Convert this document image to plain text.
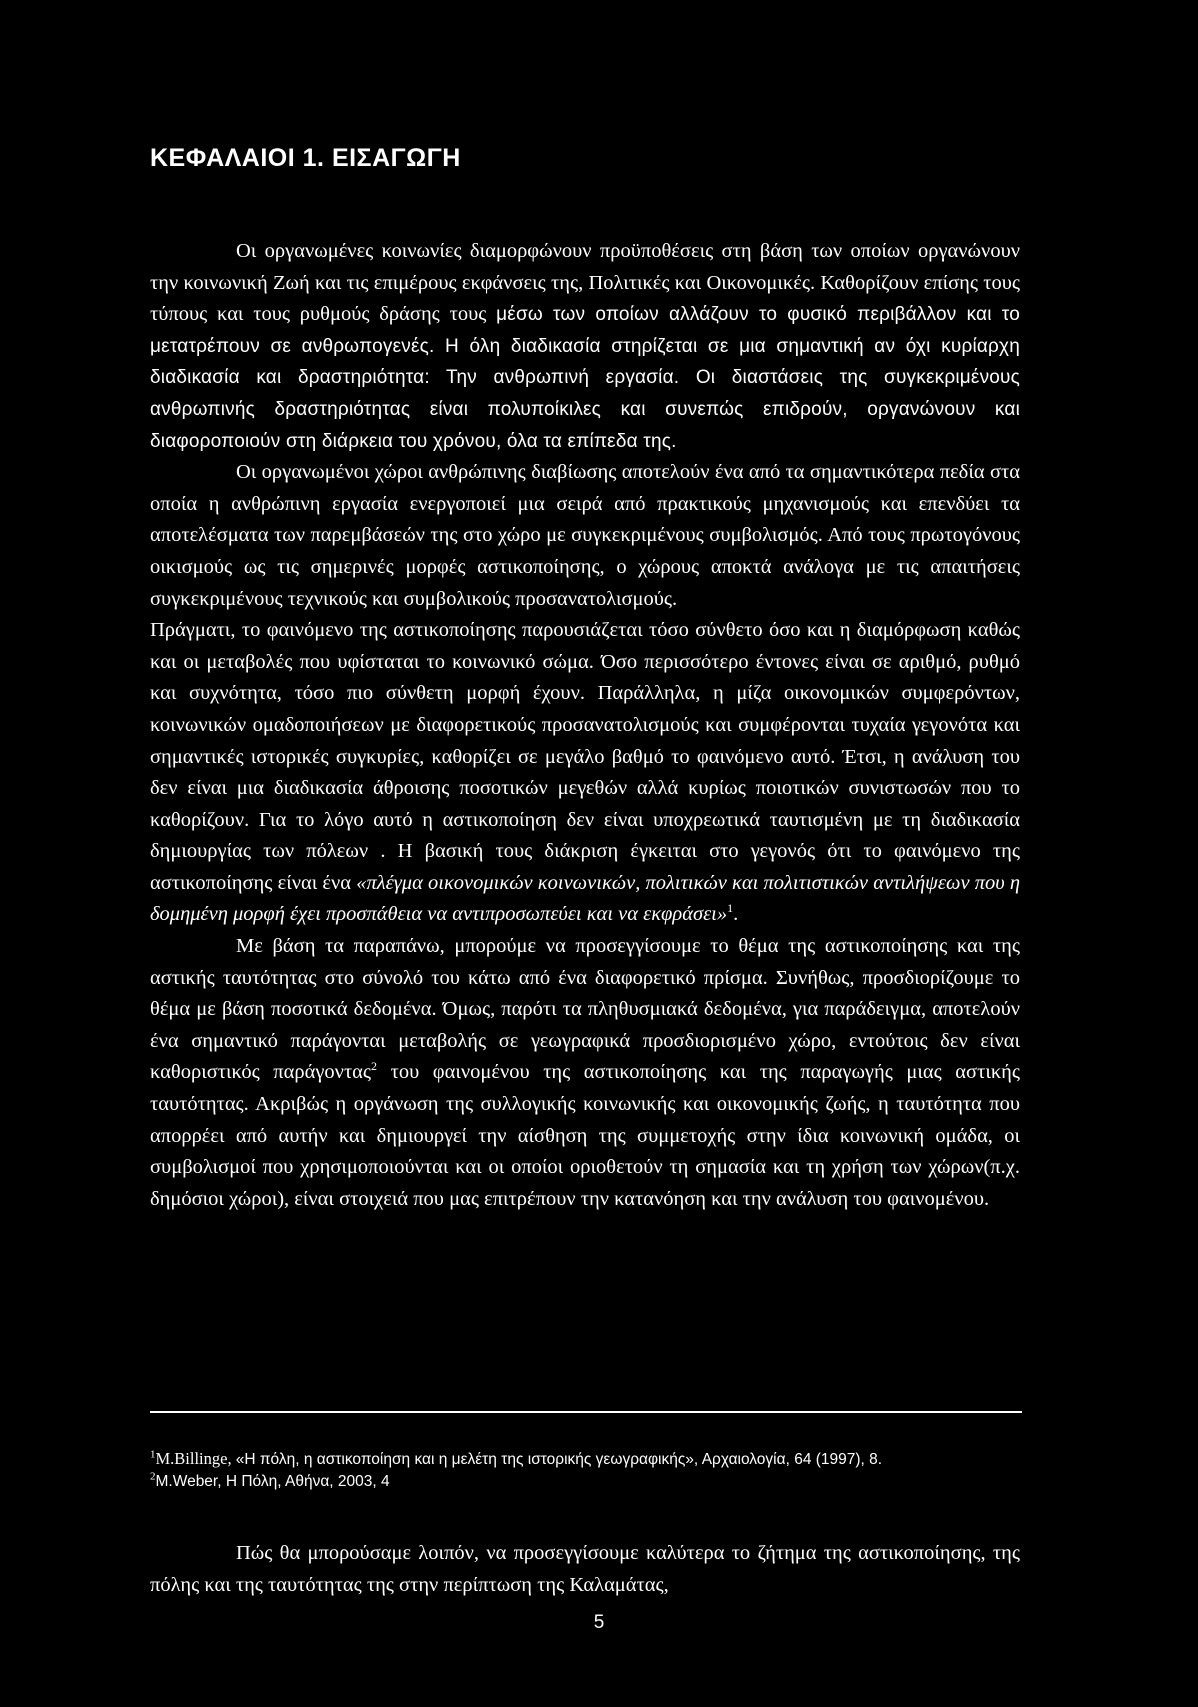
ΚΕΦΑΛΑΙΟΙ 1. ΕΙΣΑΓΩΓΗ

Οι οργανωμένες κοινωνίες διαμορφώνουν προϋποθέσεις στη βάση των οποίων οργανώνουν την κοινωνική Ζωή και τις επιμέρους εκφάνσεις της, Πολιτικές και Οικονομικές. Καθορίζουν επίσης τους τύπους και τους ρυθμούς δράσης τους μέσω των οποίων αλλάζουν το φυσικό περιβάλλον και το μετατρέπουν σε ανθρωπογενές. Η όλη διαδικασία στηρίζεται σε μια σημαντική αν όχι κυρίαρχη διαδικασία και δραστηριότητα: Την ανθρωπινή εργασία. Οι διαστάσεις της συγκεκριμένους ανθρωπινής δραστηριότητας είναι πολυποίκιλες και συνεπώς επιδρούν, οργανώνουν και διαφοροποιούν στη διάρκεια του χρόνου, όλα τα επίπεδα της.

Οι οργανωμένοι χώροι ανθρώπινης διαβίωσης αποτελούν ένα από τα σημαντικότερα πεδία στα οποία η ανθρώπινη εργασία ενεργοποιεί μια σειρά από πρακτικούς μηχανισμούς και επενδύει τα αποτελέσματα των παρεμβάσεών της στο χώρο με συγκεκριμένους συμβολισμός. Από τους πρωτογόνους οικισμούς ως τις σημερινές μορφές αστικοποίησης, ο χώρους αποκτά ανάλογα με τις απαιτήσεις συγκεκριμένους τεχνικούς και συμβολικούς προσανατολισμούς.

Πράγματι, το φαινόμενο της αστικοποίησης παρουσιάζεται τόσο σύνθετο όσο και η διαμόρφωση καθώς και οι μεταβολές που υφίσταται το κοινωνικό σώμα. Όσο περισσότερο έντονες είναι σε αριθμό, ρυθμό και συχνότητα, τόσο πιο σύνθετη μορφή έχουν. Παράλληλα, η μίζα οικονομικών συμφερόντων, κοινωνικών ομαδοποιήσεων με διαφορετικούς προσανατολισμούς και συμφέρονται τυχαία γεγονότα και σημαντικές ιστορικές συγκυρίες, καθορίζει σε μεγάλο βαθμό το φαινόμενο αυτό. Έτσι, η ανάλυση του δεν είναι μια διαδικασία άθροισης ποσοτικών μεγεθών αλλά κυρίως ποιοτικών συνιστωσών που το καθορίζουν. Για το λόγο αυτό η αστικοποίηση δεν είναι υποχρεωτικά ταυτισμένη με τη διαδικασία δημιουργίας των πόλεων . Η βασική τους διάκριση έγκειται στο γεγονός ότι το φαινόμενο της αστικοποίησης είναι ένα «πλέγμα οικονομικών κοινωνικών, πολιτικών και πολιτιστικών αντιλήψεων που η δομημένη μορφή έχει προσπάθεια να αντιπροσωπεύει και να εκφράσει»$^1$.

Με βάση τα παραπάνω, μπορούμε να προσεγγίσουμε το θέμα της αστικοποίησης και της αστικής ταυτότητας στο σύνολό του κάτω από ένα διαφορετικό πρίσμα. Συνήθως, προσδιορίζουμε το θέμα με βάση ποσοτικά δεδομένα. Όμως, παρότι τα πληθυσμιακά δεδομένα, για παράδειγμα, αποτελούν ένα σημαντικό παράγονται μεταβολής σε γεωγραφικά προσδιορισμένο χώρο, εντούτοις δεν είναι καθοριστικός παράγοντας$^2$ του φαινομένου της αστικοποίησης και της παραγωγής μιας αστικής ταυτότητας. Ακριβώς η οργάνωση της συλλογικής κοινωνικής και οικονομικής ζωής, η ταυτότητα που απορρέει από αυτήν και δημιουργεί την αίσθηση της συμμετοχής στην ίδια κοινωνική ομάδα, οι συμβολισμοί που χρησιμοποιούνται και οι οποίοι οριοθετούν τη σημασία και τη χρήση των χώρων(π.χ. δημόσιοι χώροι), είναι στοιχειά που μας επιτρέπουν την κατανόηση και την ανάλυση του φαινομένου.

$^1$Μ.Billinge, «Η πόλη, η αστικοποίηση και η μελέτη της ιστορικής γεωγραφικής», Αρχαιολογία, 64 (1997), 8.

$^2$Μ.Weber, Η Πόλη, Αθήνα, 2003, 4

Πώς θα μπορούσαμε λοιπόν, να προσεγγίσουμε καλύτερα το ζήτημα της αστικοποίησης, της πόλης και της ταυτότητας της στην περίπτωση της Καλαμάτας,
5
